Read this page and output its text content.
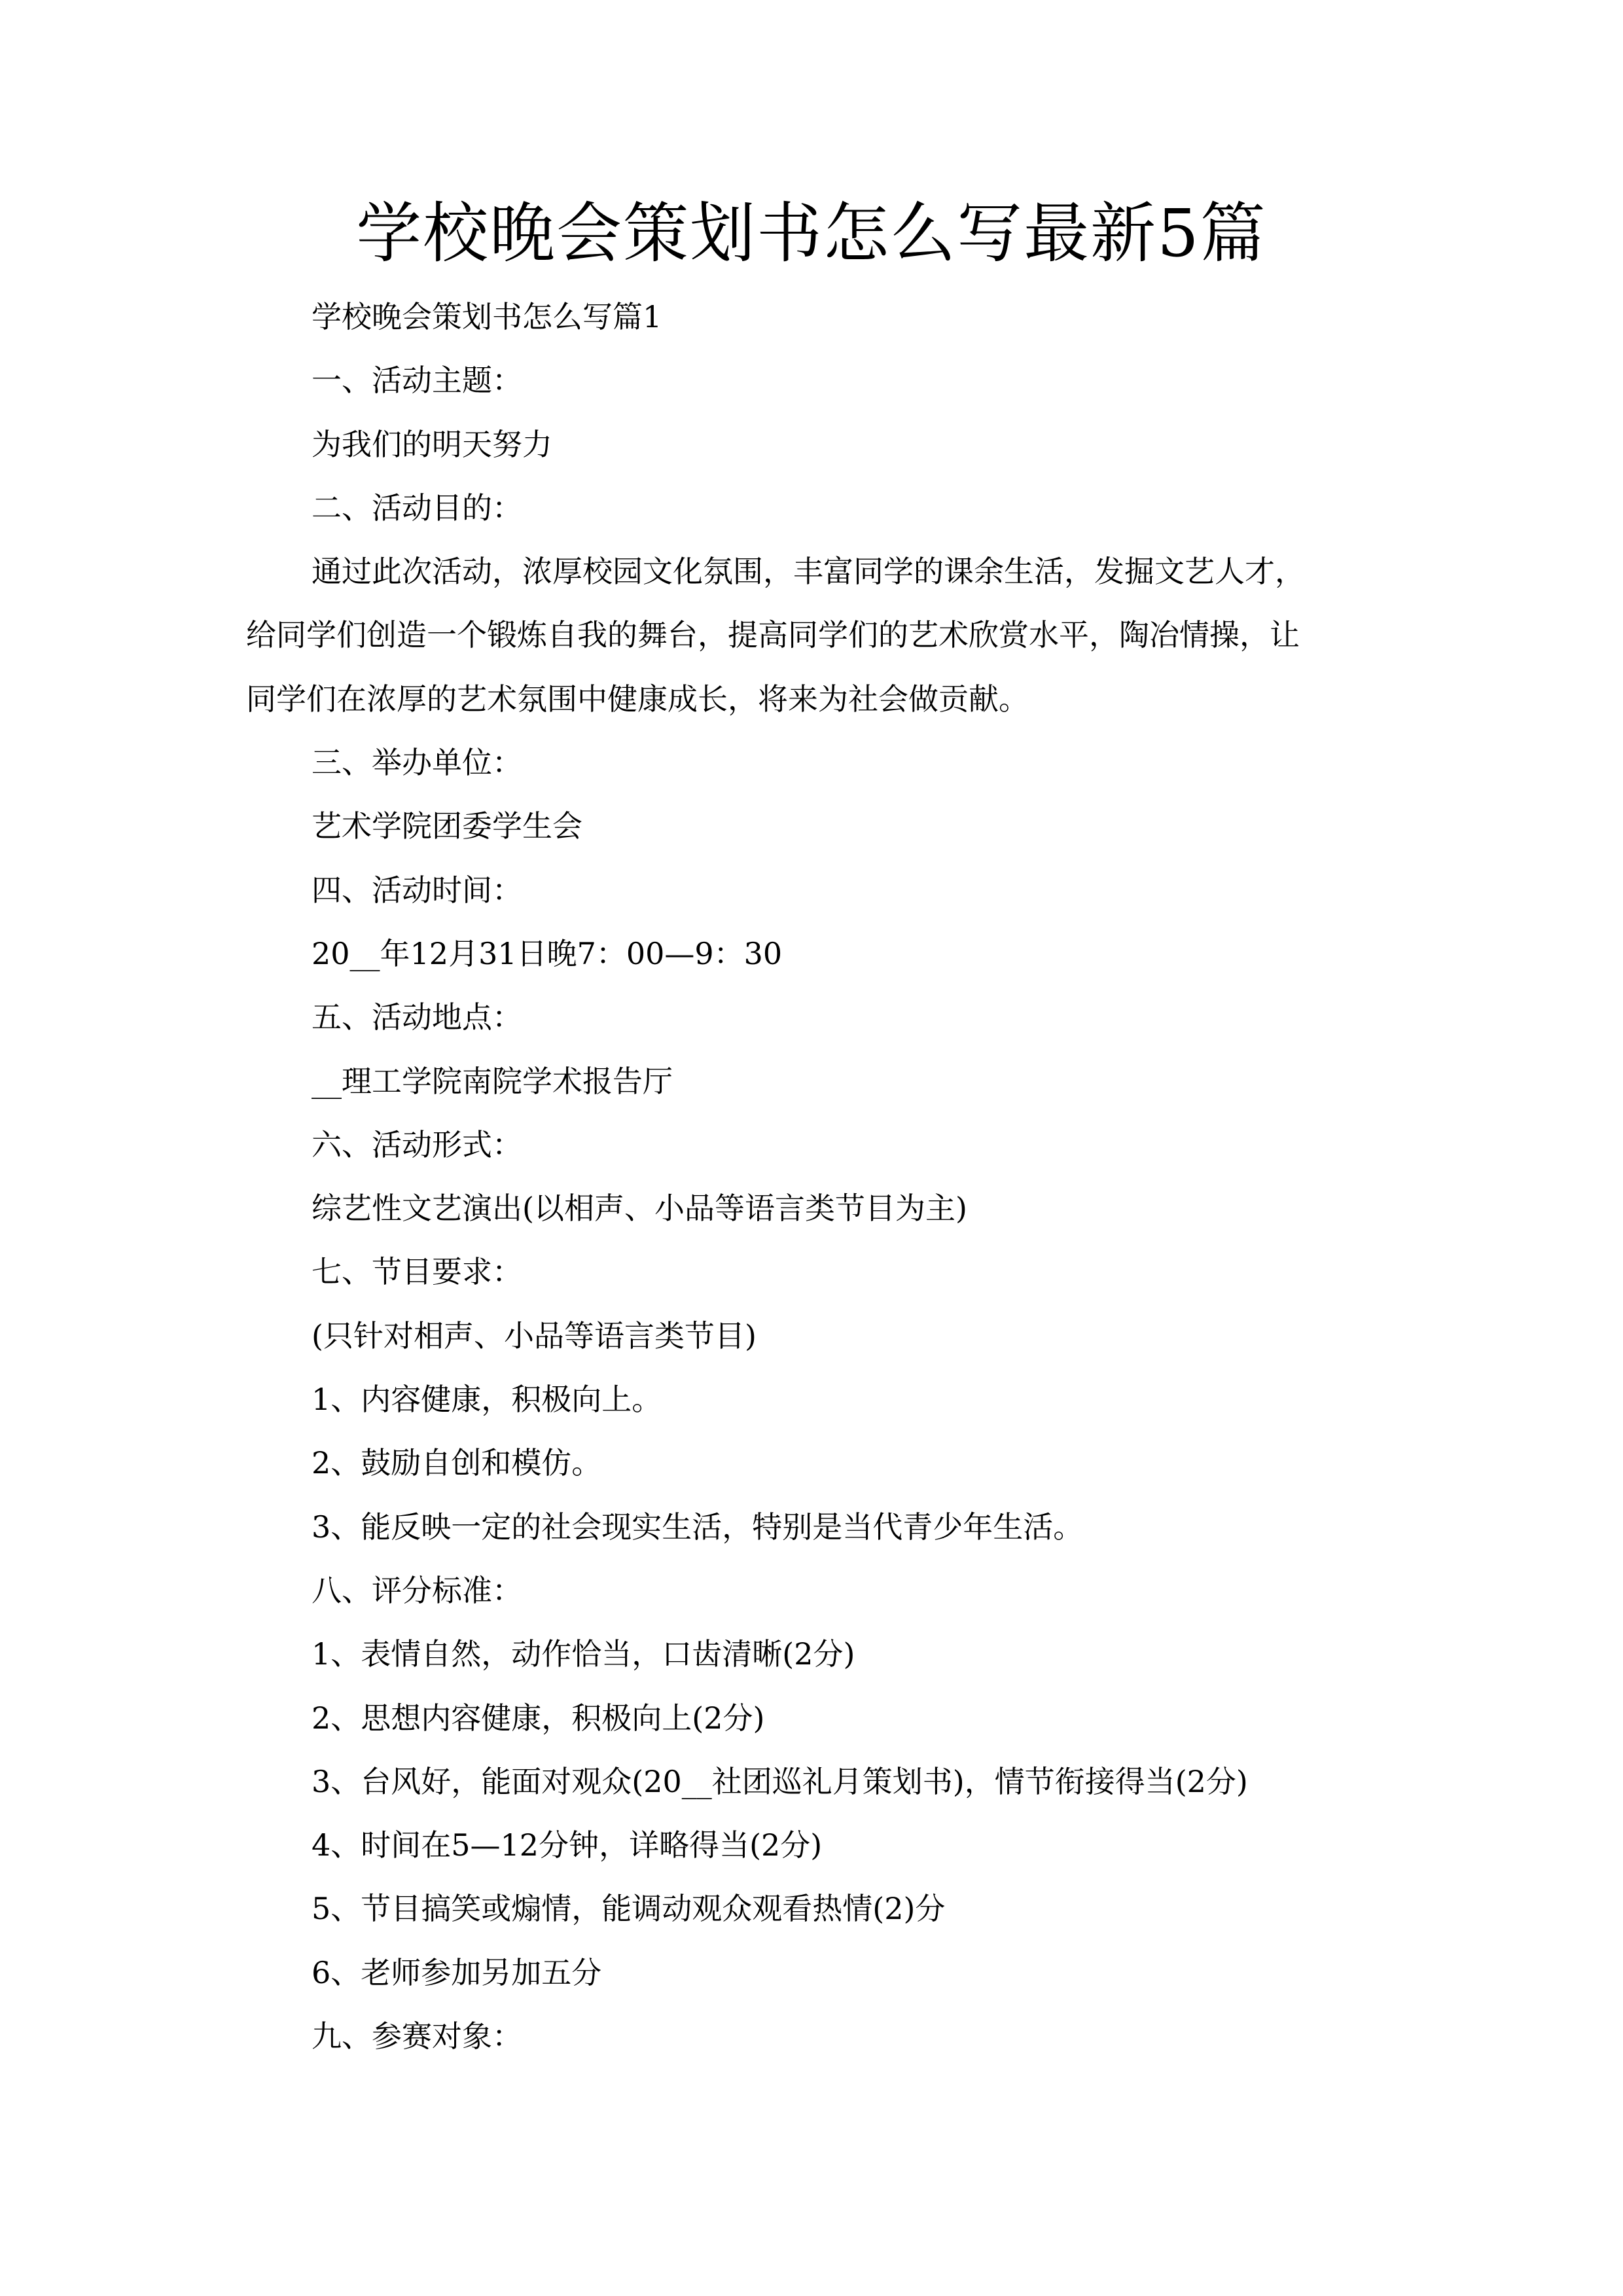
学校晚会策划书怎么写最新5篇

学校晚会策划书怎么写篇1

一、活动主题：

为我们的明天努力

二、活动目的：

通过此次活动，浓厚校园文化氛围，丰富同学的课余生活，发掘文艺人才，

给同学们创造一个锻炼自我的舞台，提高同学们的艺术欣赏水平，陶冶情操，让

同学们在浓厚的艺术氛围中健康成长，将来为社会做贡献。

三、举办单位：

艺术学院团委学生会

四、活动时间：

20__年12月31日晚7：00—9：30

五、活动地点：

__理工学院南院学术报告厅

六、活动形式：

综艺性文艺演出(以相声、小品等语言类节目为主)

七、节目要求：

(只针对相声、小品等语言类节目)

1、内容健康，积极向上。

2、鼓励自创和模仿。

3、能反映一定的社会现实生活，特别是当代青少年生活。

八、评分标准：

1、表情自然，动作恰当，口齿清晰(2分)

2、思想内容健康，积极向上(2分)

3、台风好，能面对观众(20__社团巡礼月策划书)，情节衔接得当(2分)

4、时间在5—12分钟，详略得当(2分)

5、节目搞笑或煽情，能调动观众观看热情(2)分

6、老师参加另加五分

九、参赛对象：
